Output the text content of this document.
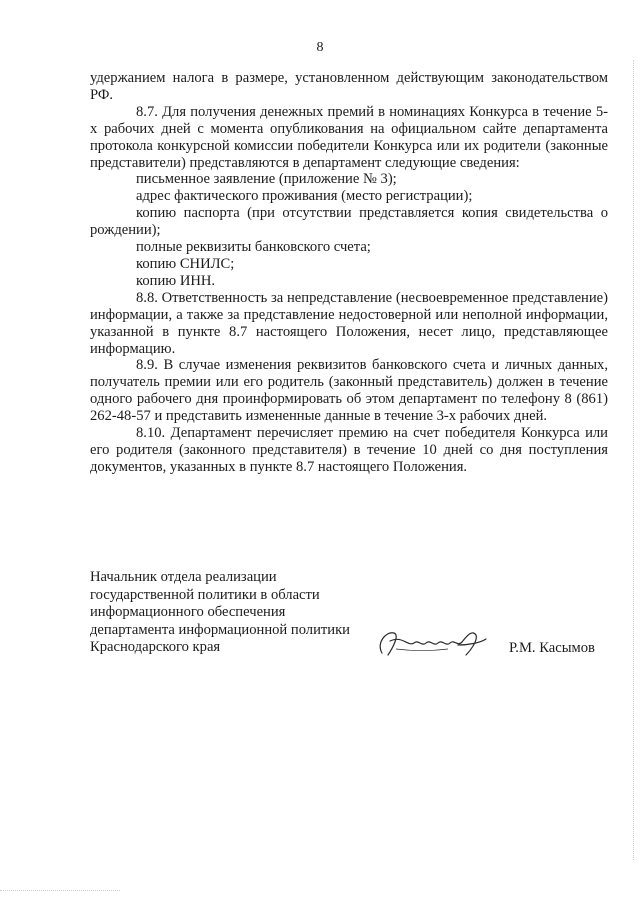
8

удержанием налога в размере, установленном действующим законодательством РФ.

8.7. Для получения денежных премий в номинациях Конкурса в течение 5-х рабочих дней с момента опубликования на официальном сайте департамента протокола конкурсной комиссии победители Конкурса или их родители (законные представители) представляются в департамент следующие сведения:

письменное заявление (приложение № 3);

адрес фактического проживания (место регистрации);

копию паспорта (при отсутствии представляется копия свидетельства о рождении);

полные реквизиты банковского счета;

копию СНИЛС;

копию ИНН.

8.8. Ответственность за непредставление (несвоевременное представление) информации, а также за представление недостоверной или неполной информации, указанной в пункте 8.7 настоящего Положения, несет лицо, представляющее информацию.

8.9. В случае изменения реквизитов банковского счета и личных данных, получатель премии или его родитель (законный представитель) должен в течение одного рабочего дня проинформировать об этом департамент по телефону 8 (861) 262-48-57 и представить измененные данные в течение 3-х рабочих дней.

8.10. Департамент перечисляет премию на счет победителя Конкурса или его родителя (законного представителя) в течение 10 дней со дня поступления документов, указанных в пункте 8.7 настоящего Положения.

Начальник отдела реализации
государственной политики в области
информационного обеспечения
департамента информационной политики
Краснодарского края	Р.М. Касымов
